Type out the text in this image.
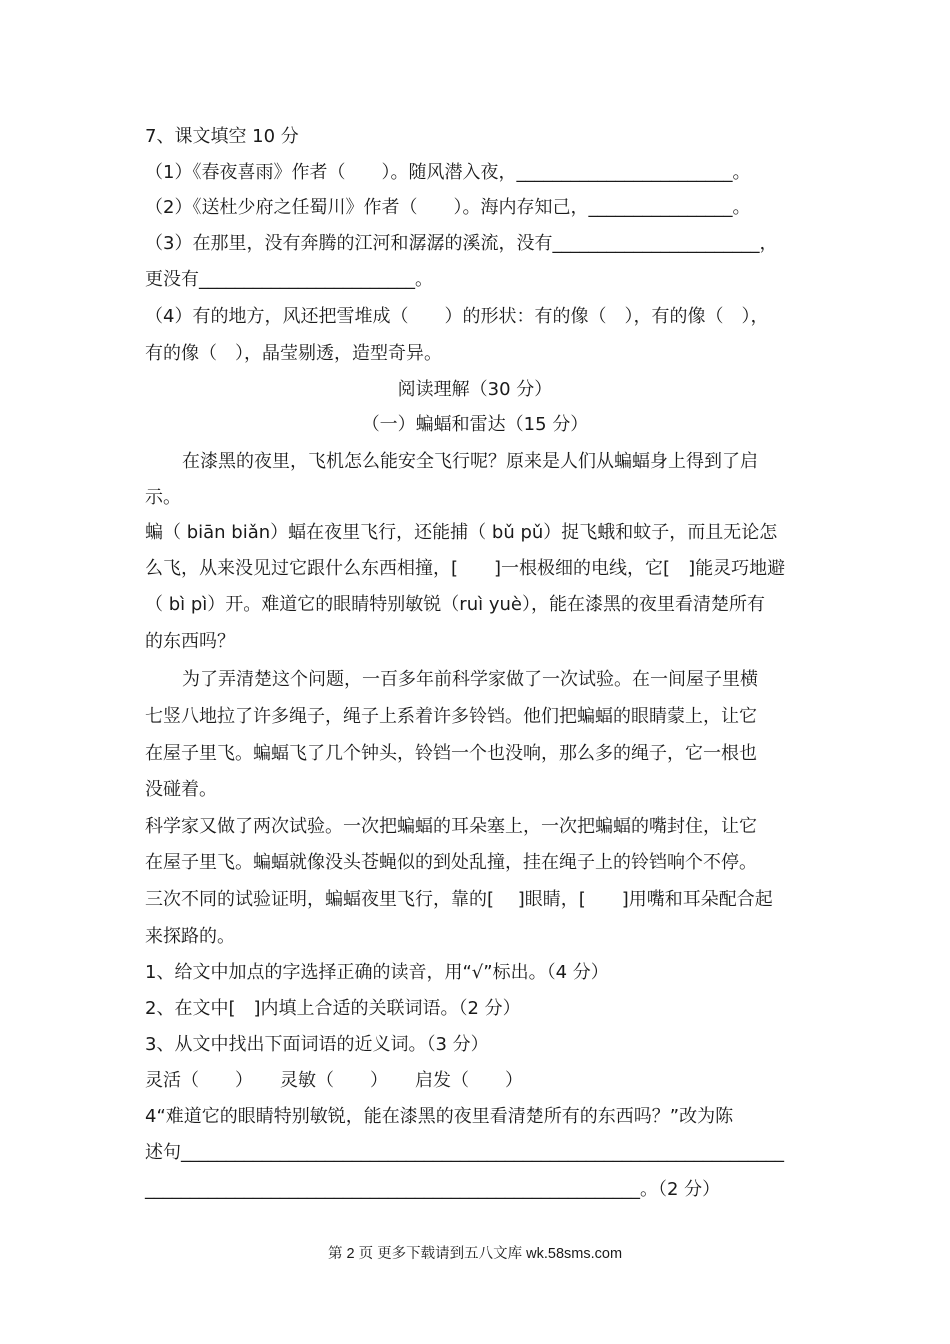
7、课文填空 10 分
（1）《春夜喜雨》作者（　　）。随风潜入夜，________________________。
（2）《送杜少府之任蜀川》作者（　　）。海内存知己，________________。
（3）在那里，没有奔腾的江河和潺潺的溪流，没有_______________________，
更没有________________________。
（4）有的地方，风还把雪堆成（　　）的形状：有的像（　），有的像（　），
有的像（　），晶莹剔透，造型奇异。
阅读理解（30 分）
（一）蝙蝠和雷达（15 分）
在漆黑的夜里，飞机怎么能安全飞行呢？原来是人们从蝙蝠身上得到了启
示。
蝙（ biān biǎn）蝠在夜里飞行，还能捕（ bǔ pǔ）捉飞蛾和蚊子，而且无论怎
么飞，从来没见过它跟什么东西相撞，[　　]一根极细的电线，它[　]能灵巧地避
（ bì pì）开。难道它的眼睛特别敏锐（ruì yuè），能在漆黑的夜里看清楚所有
的东西吗？
为了弄清楚这个问题，一百多年前科学家做了一次试验。在一间屋子里横
七竖八地拉了许多绳子，绳子上系着许多铃铛。他们把蝙蝠的眼睛蒙上，让它
在屋子里飞。蝙蝠飞了几个钟头，铃铛一个也没响，那么多的绳子，它一根也
没碰着。
科学家又做了两次试验。一次把蝙蝠的耳朵塞上，一次把蝙蝠的嘴封住，让它
在屋子里飞。蝙蝠就像没头苍蝇似的到处乱撞，挂在绳子上的铃铛响个不停。
三次不同的试验证明，蝙蝠夜里飞行，靠的[　 ]眼睛，[　　]用嘴和耳朵配合起
来探路的。
1、给文中加点的字选择正确的读音，用“√”标出。（4 分）
2、在文中[　]内填上合适的关联词语。（2 分）
3、从文中找出下面词语的近义词。（3 分）
灵活（　　）　　灵敏（　　）　　启发（　　）
4“难道它的眼睛特别敏锐，能在漆黑的夜里看清楚所有的东西吗？”改为陈
述句___________________________________________________________________
_______________________________________________________。（2 分）
第 2 页 更多下载请到五八文库 wk.58sms.com
